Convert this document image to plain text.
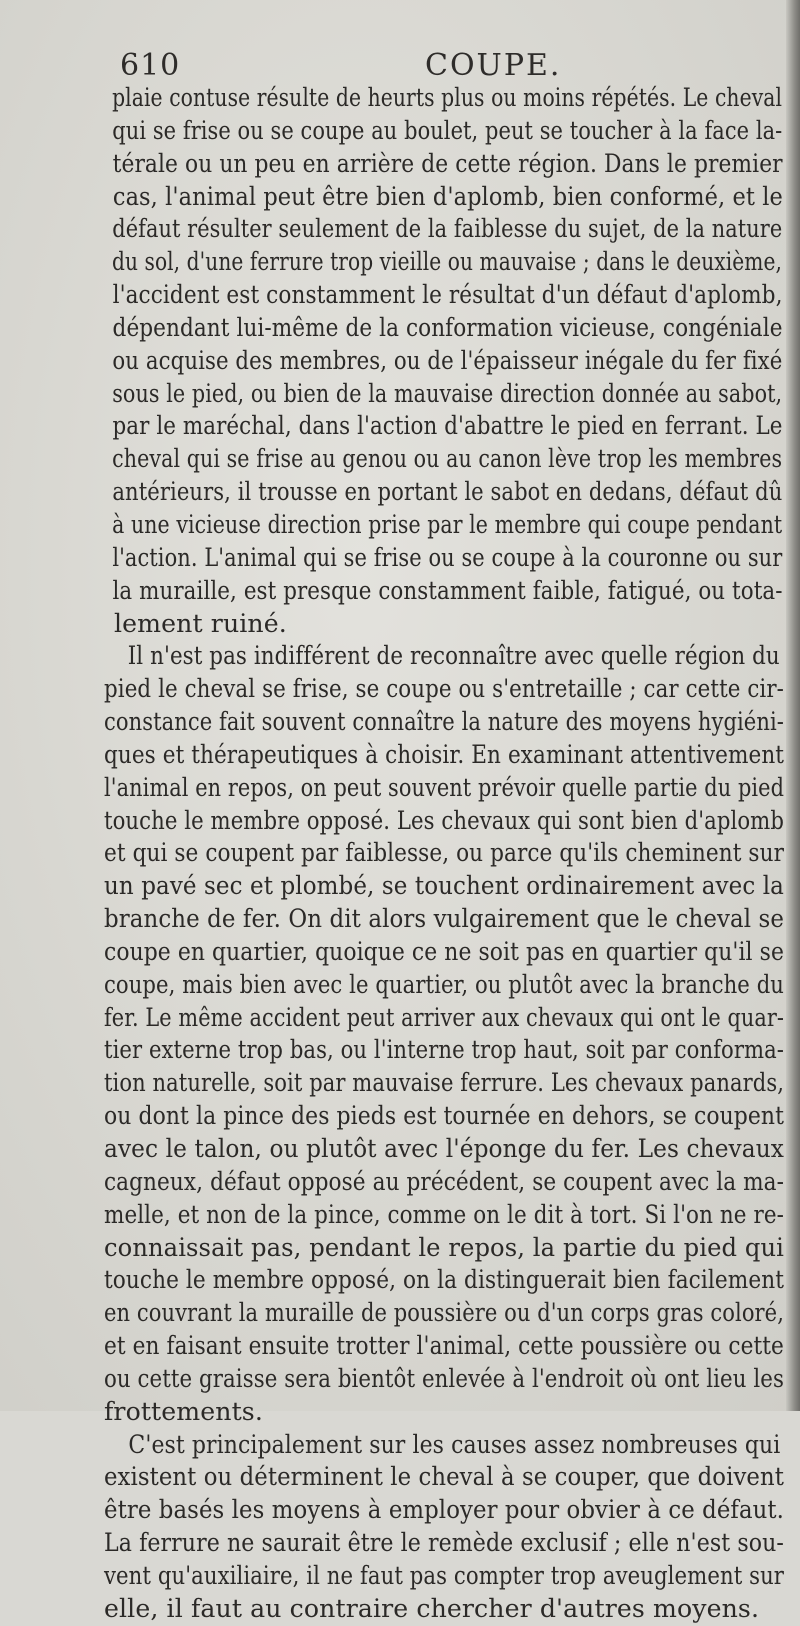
610	COUPE.
plaie contuse résulte de heurts plus ou moins répétés. Le cheval
qui se frise ou se coupe au boulet, peut se toucher à la face la-
térale ou un peu en arrière de cette région. Dans le premier
cas, l'animal peut être bien d'aplomb, bien conformé, et le
défaut résulter seulement de la faiblesse du sujet, de la nature
du sol, d'une ferrure trop vieille ou mauvaise ; dans le deuxième,
l'accident est constamment le résultat d'un défaut d'aplomb,
dépendant lui-même de la conformation vicieuse, congéniale
ou acquise des membres, ou de l'épaisseur inégale du fer fixé
sous le pied, ou bien de la mauvaise direction donnée au sabot,
par le maréchal, dans l'action d'abattre le pied en ferrant. Le
cheval qui se frise au genou ou au canon lève trop les membres
antérieurs, il trousse en portant le sabot en dedans, défaut dû
à une vicieuse direction prise par le membre qui coupe pendant
l'action. L'animal qui se frise ou se coupe à la couronne ou sur
la muraille, est presque constamment faible, fatigué, ou tota-
lement ruiné.
Il n'est pas indifférent de reconnaître avec quelle région du
pied le cheval se frise, se coupe ou s'entretaille ; car cette cir-
constance fait souvent connaître la nature des moyens hygiéni-
ques et thérapeutiques à choisir. En examinant attentivement
l'animal en repos, on peut souvent prévoir quelle partie du pied
touche le membre opposé. Les chevaux qui sont bien d'aplomb
et qui se coupent par faiblesse, ou parce qu'ils cheminent sur
un pavé sec et plombé, se touchent ordinairement avec la
branche de fer. On dit alors vulgairement que le cheval se
coupe en quartier, quoique ce ne soit pas en quartier qu'il se
coupe, mais bien avec le quartier, ou plutôt avec la branche du
fer. Le même accident peut arriver aux chevaux qui ont le quar-
tier externe trop bas, ou l'interne trop haut, soit par conforma-
tion naturelle, soit par mauvaise ferrure. Les chevaux panards,
ou dont la pince des pieds est tournée en dehors, se coupent
avec le talon, ou plutôt avec l'éponge du fer. Les chevaux
cagneux, défaut opposé au précédent, se coupent avec la ma-
melle, et non de la pince, comme on le dit à tort. Si l'on ne re-
connaissait pas, pendant le repos, la partie du pied qui
touche le membre opposé, on la distinguerait bien facilement
en couvrant la muraille de poussière ou d'un corps gras coloré,
et en faisant ensuite trotter l'animal, cette poussière ou cette
ou cette graisse sera bientôt enlevée à l'endroit où ont lieu les
frottements.
C'est principalement sur les causes assez nombreuses qui
existent ou déterminent le cheval à se couper, que doivent
être basés les moyens à employer pour obvier à ce défaut.
La ferrure ne saurait être le remède exclusif ; elle n'est sou-
vent qu'auxiliaire, il ne faut pas compter trop aveuglement sur
elle, il faut au contraire chercher d'autres moyens.
